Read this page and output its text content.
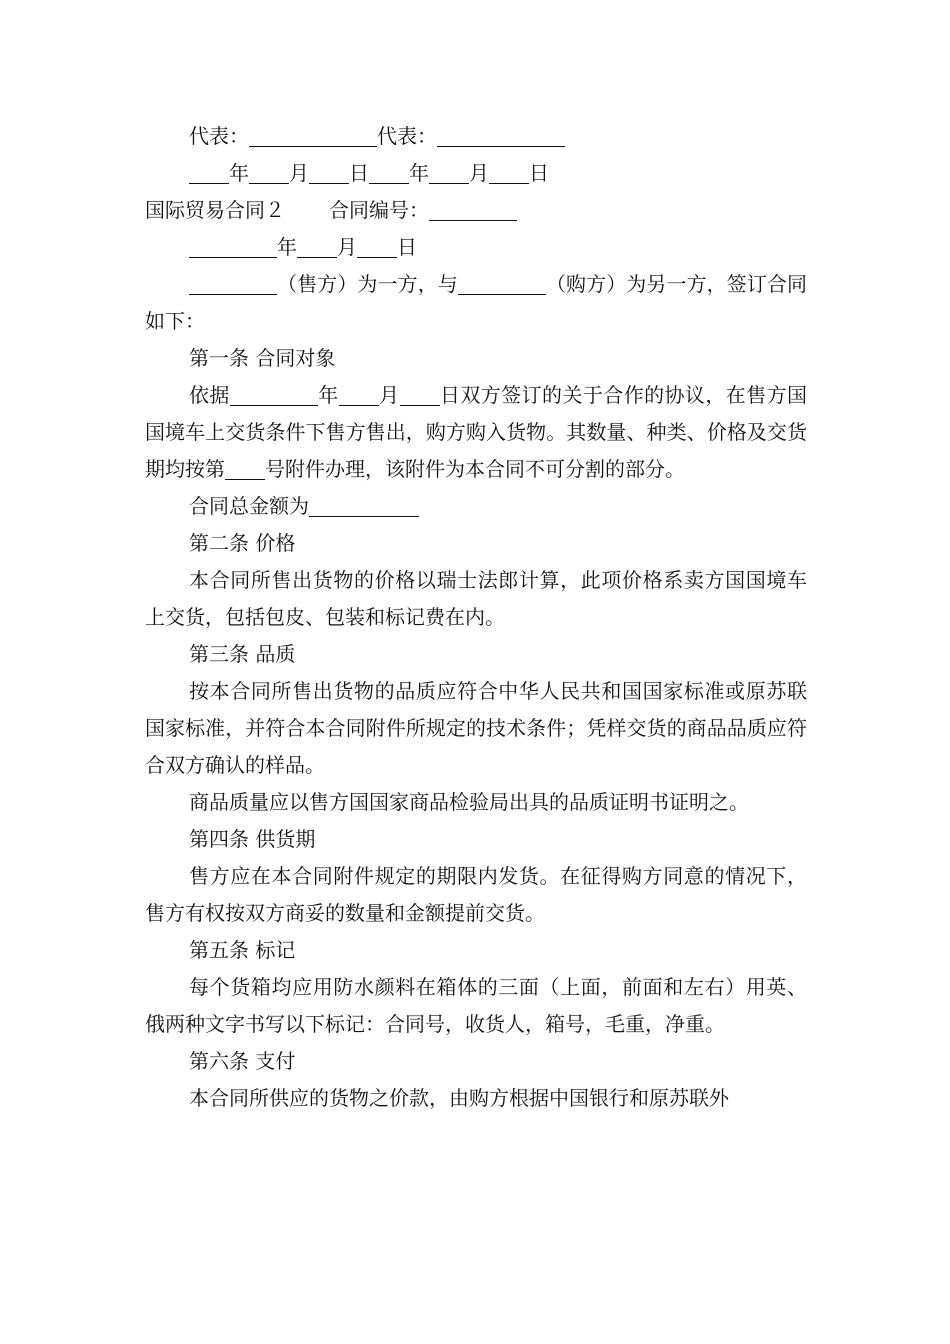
代表：	代表：

年 月 日 年 月 日

国际贸易合同２ 合同编号：

年 月 日

（售方）为一方，与	（购方）为另一方，签订合同如下：

第一条 合同对象

依据	年 月 日双方签订的关于合作的协议，在售方国国境车上交货条件下售方售出，购方购入货物。其数量、种类、价格及交货期均按第 号附件办理，该附件为本合同不可分割的部分。

合同总金额为

第二条 价格

本合同所售出货物的价格以瑞士法郎计算，此项价格系卖方国国境车上交货，包括包皮、包装和标记费在内。

第三条 品质

按本合同所售出货物的品质应符合中华人民共和国国家标准或原苏联国家标准，并符合本合同附件所规定的技术条件；凭样交货的商品品质应符合双方确认的样品。

商品质量应以售方国国家商品检验局出具的品质证明书证明之。

第四条 供货期

售方应在本合同附件规定的期限内发货。在征得购方同意的情况下，售方有权按双方商妥的数量和金额提前交货。

第五条 标记

每个货箱均应用防水颜料在箱体的三面（上面，前面和左右）用英、俄两种文字书写以下标记：合同号，收货人，箱号，毛重，净重。

第六条 支付

本合同所供应的货物之价款，由购方根据中国银行和原苏联外
